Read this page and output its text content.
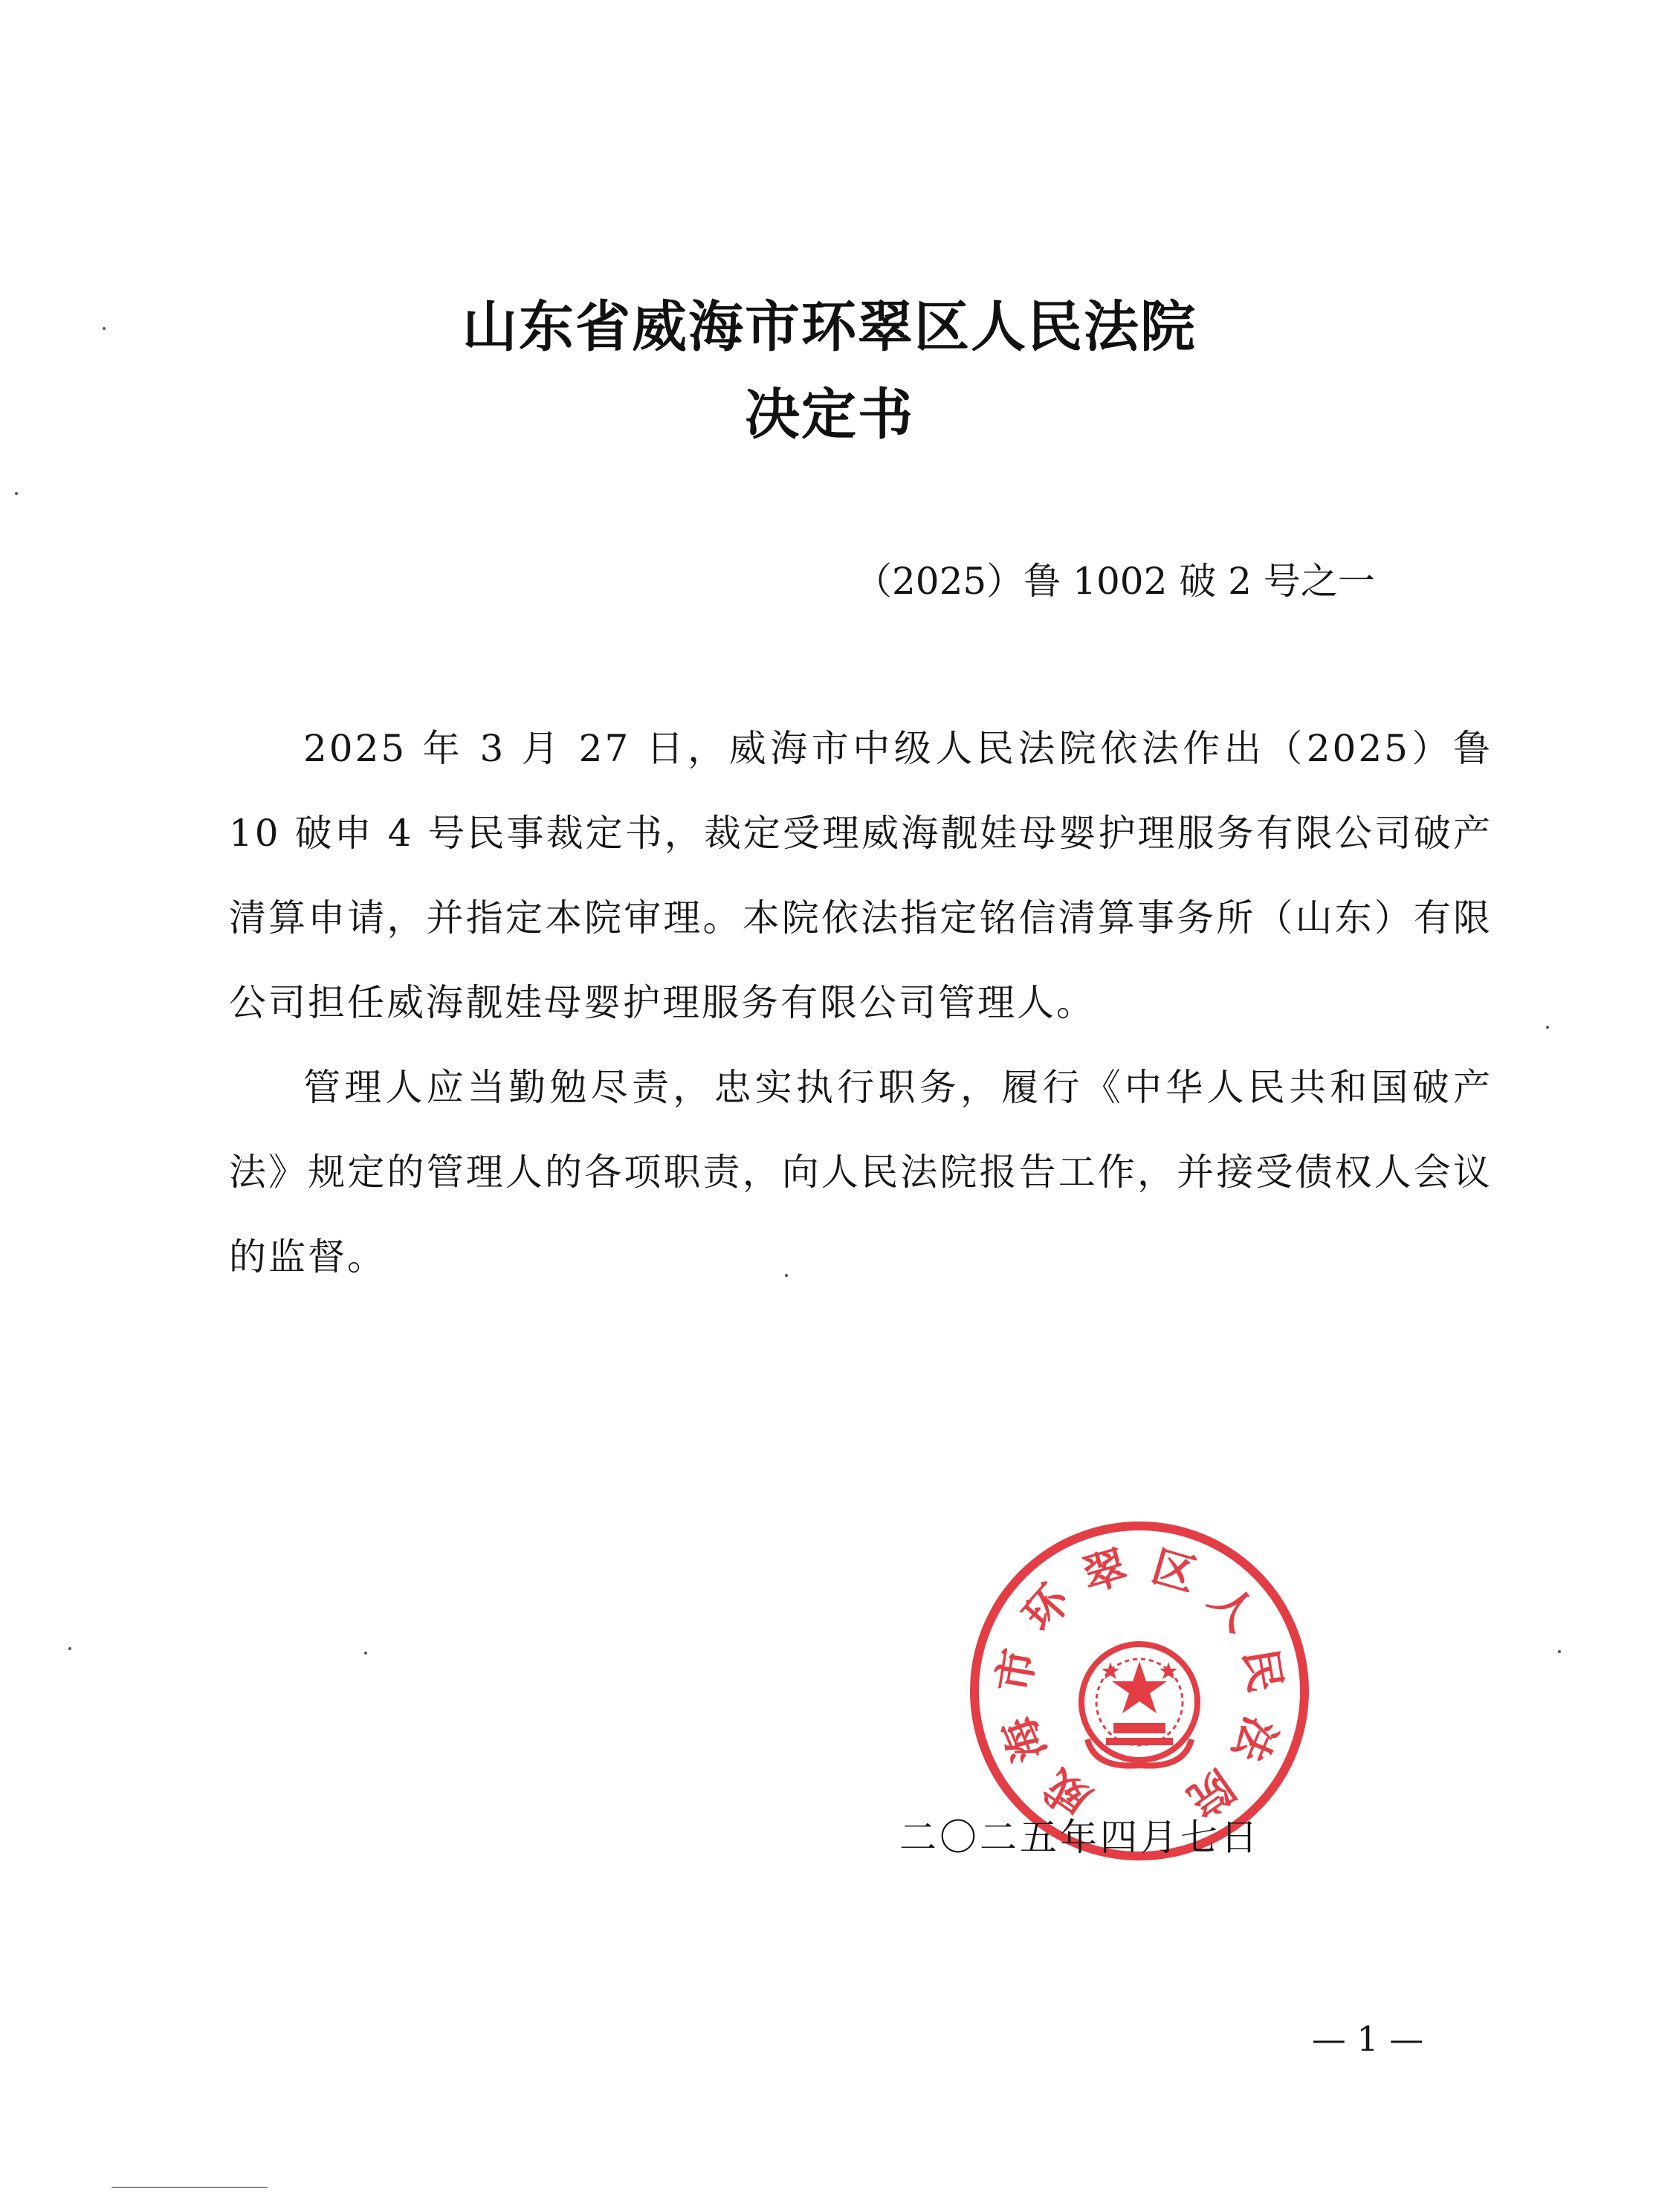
山东省威海市环翠区人民法院
决定书
（2025）鲁 1002 破 2 号之一

2025 年 3 月 27 日，威海市中级人民法院依法作出（2025）鲁 10 破申 4 号民事裁定书，裁定受理威海靓娃母婴护理服务有限公司破产清算申请，并指定本院审理。本院依法指定铭信清算事务所（山东）有限公司担任威海靓娃母婴护理服务有限公司管理人。

管理人应当勤勉尽责，忠实执行职务，履行《中华人民共和国破产法》规定的管理人的各项职责，向人民法院报告工作，并接受债权人会议的监督。

威
海
市
环
翠 区
人
民
法
院
二〇二五年四月七日
— 1 —
